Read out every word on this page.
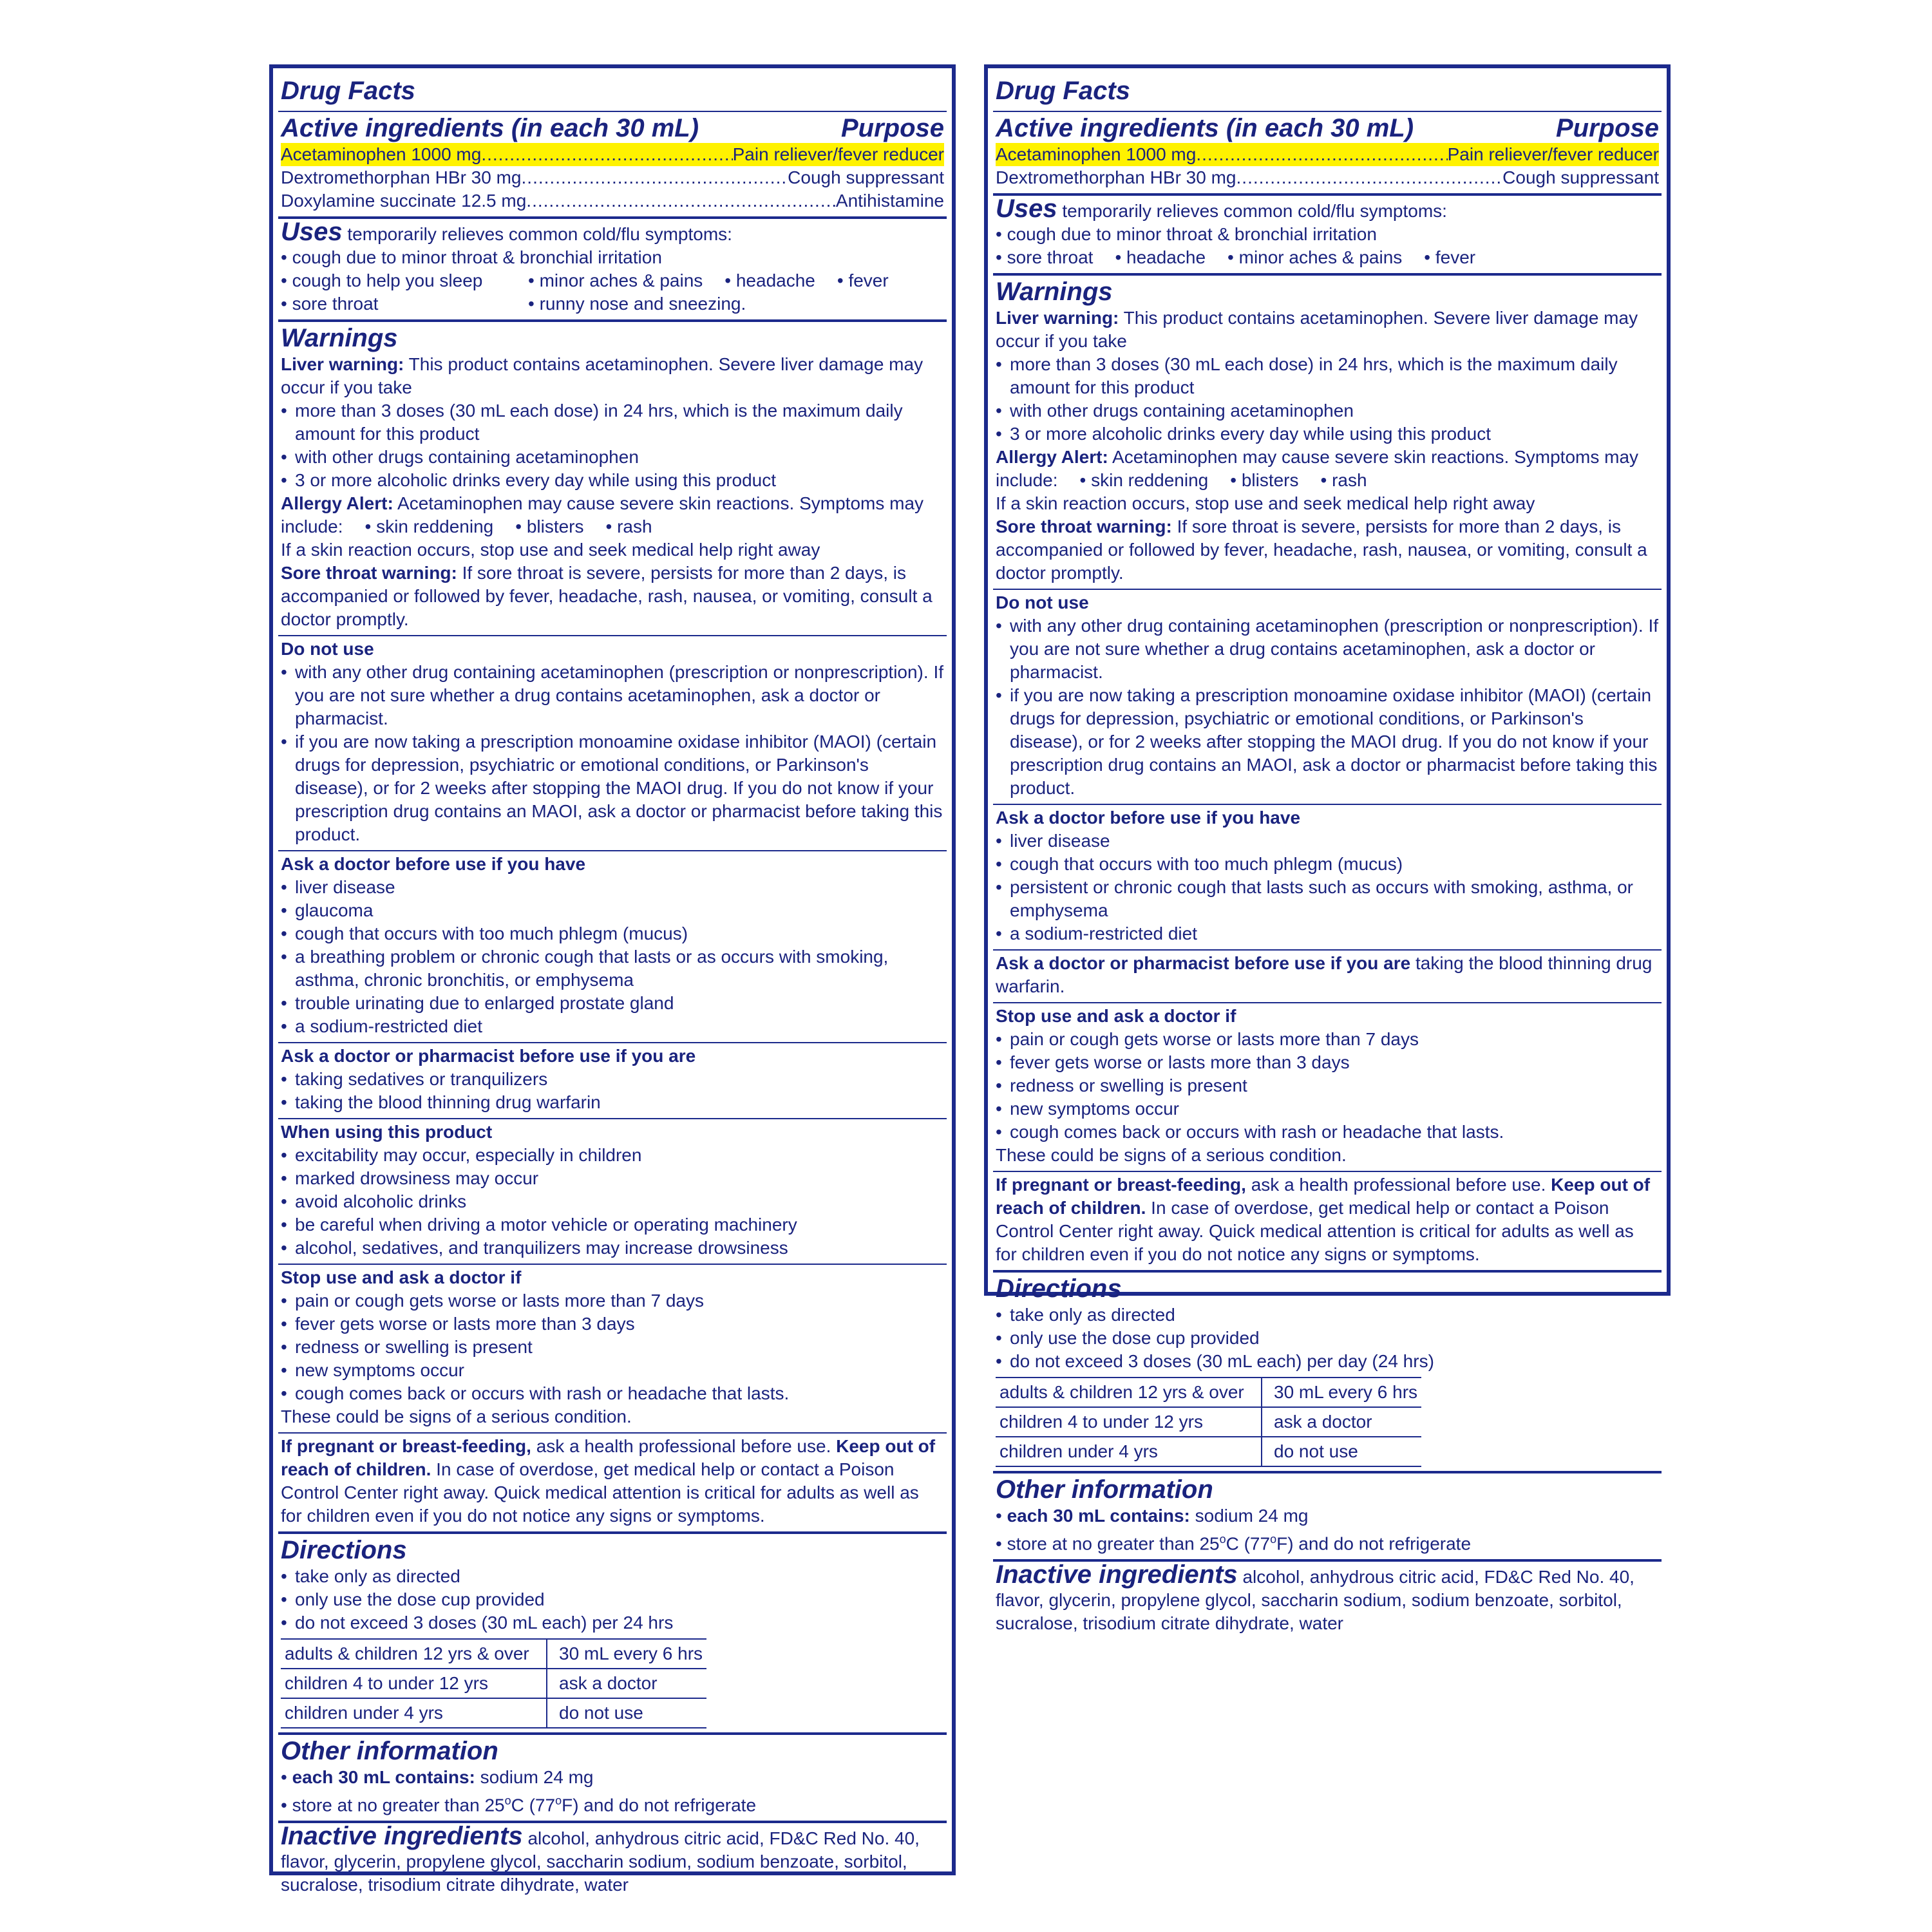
Drug Facts
Active ingredients (in each 30 mL)	Purpose
Acetaminophen 1000 mg .....	Pain reliever/fever reducer
Dextromethorphan HBr 30 mg .....	Cough suppressant
Doxylamine succinate 12.5 mg .....	Antihistamine
Uses temporarily relieves common cold/flu symptoms:
• cough due to minor throat & bronchial irritation
• cough to help you sleep	• minor aches & pains • headache • fever
• sore throat	• runny nose and sneezing.
Warnings
Liver warning: This product contains acetaminophen. Severe liver damage may occur if you take
• more than 3 doses (30 mL each dose) in 24 hrs, which is the maximum daily amount for this product
• with other drugs containing acetaminophen
• 3 or more alcoholic drinks every day while using this product
Allergy Alert: Acetaminophen may cause severe skin reactions. Symptoms may
include: • skin reddening • blisters • rash
If a skin reaction occurs, stop use and seek medical help right away
Sore throat warning: If sore throat is severe, persists for more than 2 days, is accompanied or followed by fever, headache, rash, nausea, or vomiting, consult a doctor promptly.
Do not use
• with any other drug containing acetaminophen (prescription or nonprescription). If you are not sure whether a drug contains acetaminophen, ask a doctor or pharmacist.
• if you are now taking a prescription monoamine oxidase inhibitor (MAOI) (certain drugs for depression, psychiatric or emotional conditions, or Parkinson's disease), or for 2 weeks after stopping the MAOI drug. If you do not know if your prescription drug contains an MAOI, ask a doctor or pharmacist before taking this product.
Ask a doctor before use if you have
• liver disease
• glaucoma
• cough that occurs with too much phlegm (mucus)
• a breathing problem or chronic cough that lasts or as occurs with smoking, asthma, chronic bronchitis, or emphysema
• trouble urinating due to enlarged prostate gland
• a sodium-restricted diet
Ask a doctor or pharmacist before use if you are
• taking sedatives or tranquilizers
• taking the blood thinning drug warfarin
When using this product
• excitability may occur, especially in children
• marked drowsiness may occur
• avoid alcoholic drinks
• be careful when driving a motor vehicle or operating machinery
• alcohol, sedatives, and tranquilizers may increase drowsiness
Stop use and ask a doctor if
• pain or cough gets worse or lasts more than 7 days
• fever gets worse or lasts more than 3 days
• redness or swelling is present
• new symptoms occur
• cough comes back or occurs with rash or headache that lasts.
These could be signs of a serious condition.
If pregnant or breast-feeding, ask a health professional before use. Keep out of reach of children. In case of overdose, get medical help or contact a Poison Control Center right away. Quick medical attention is critical for adults as well as for children even if you do not notice any signs or symptoms.
Directions
• take only as directed
• only use the dose cup provided
• do not exceed 3 doses (30 mL each) per 24 hrs
adults & children 12 yrs & over	30 mL every 6 hrs
children 4 to under 12 yrs	ask a doctor
children under 4 yrs	do not use
Other information
• each 30 mL contains: sodium 24 mg
• store at no greater than 25$^o$C (77$^o$F) and do not refrigerate
Inactive ingredients alcohol, anhydrous citric acid, FD&C Red No. 40, flavor, glycerin, propylene glycol, saccharin sodium, sodium benzoate, sorbitol, sucralose, trisodium citrate dihydrate, water
Drug Facts
Active ingredients (in each 30 mL)	Purpose
Acetaminophen 1000 mg .....	Pain reliever/fever reducer
Dextromethorphan HBr 30 mg .....	Cough suppressant
Uses temporarily relieves common cold/flu symptoms:
• cough due to minor throat & bronchial irritation
• sore throat • headache • minor aches & pains • fever
Warnings
Liver warning: This product contains acetaminophen. Severe liver damage may occur if you take
• more than 3 doses (30 mL each dose) in 24 hrs, which is the maximum daily amount for this product
• with other drugs containing acetaminophen
• 3 or more alcoholic drinks every day while using this product
Allergy Alert: Acetaminophen may cause severe skin reactions. Symptoms may
include: • skin reddening • blisters • rash
If a skin reaction occurs, stop use and seek medical help right away
Sore throat warning: If sore throat is severe, persists for more than 2 days, is accompanied or followed by fever, headache, rash, nausea, or vomiting, consult a doctor promptly.
Do not use
• with any other drug containing acetaminophen (prescription or nonprescription). If you are not sure whether a drug contains acetaminophen, ask a doctor or pharmacist.
• if you are now taking a prescription monoamine oxidase inhibitor (MAOI) (certain drugs for depression, psychiatric or emotional conditions, or Parkinson's disease), or for 2 weeks after stopping the MAOI drug. If you do not know if your prescription drug contains an MAOI, ask a doctor or pharmacist before taking this product.
Ask a doctor before use if you have
• liver disease
• cough that occurs with too much phlegm (mucus)
• persistent or chronic cough that lasts such as occurs with smoking, asthma, or emphysema
• a sodium-restricted diet
Ask a doctor or pharmacist before use if you are taking the blood thinning drug warfarin.
Stop use and ask a doctor if
• pain or cough gets worse or lasts more than 7 days
• fever gets worse or lasts more than 3 days
• redness or swelling is present
• new symptoms occur
• cough comes back or occurs with rash or headache that lasts.
These could be signs of a serious condition.
If pregnant or breast-feeding, ask a health professional before use. Keep out of reach of children. In case of overdose, get medical help or contact a Poison Control Center right away. Quick medical attention is critical for adults as well as for children even if you do not notice any signs or symptoms.
Directions
• take only as directed
• only use the dose cup provided
• do not exceed 3 doses (30 mL each) per day (24 hrs)
adults & children 12 yrs & over	30 mL every 6 hrs
children 4 to under 12 yrs	ask a doctor
children under 4 yrs	do not use
Other information
• each 30 mL contains: sodium 24 mg
• store at no greater than 25$^o$C (77$^o$F) and do not refrigerate
Inactive ingredients alcohol, anhydrous citric acid, FD&C Red No. 40, flavor, glycerin, propylene glycol, saccharin sodium, sodium benzoate, sorbitol, sucralose, trisodium citrate dihydrate, water
